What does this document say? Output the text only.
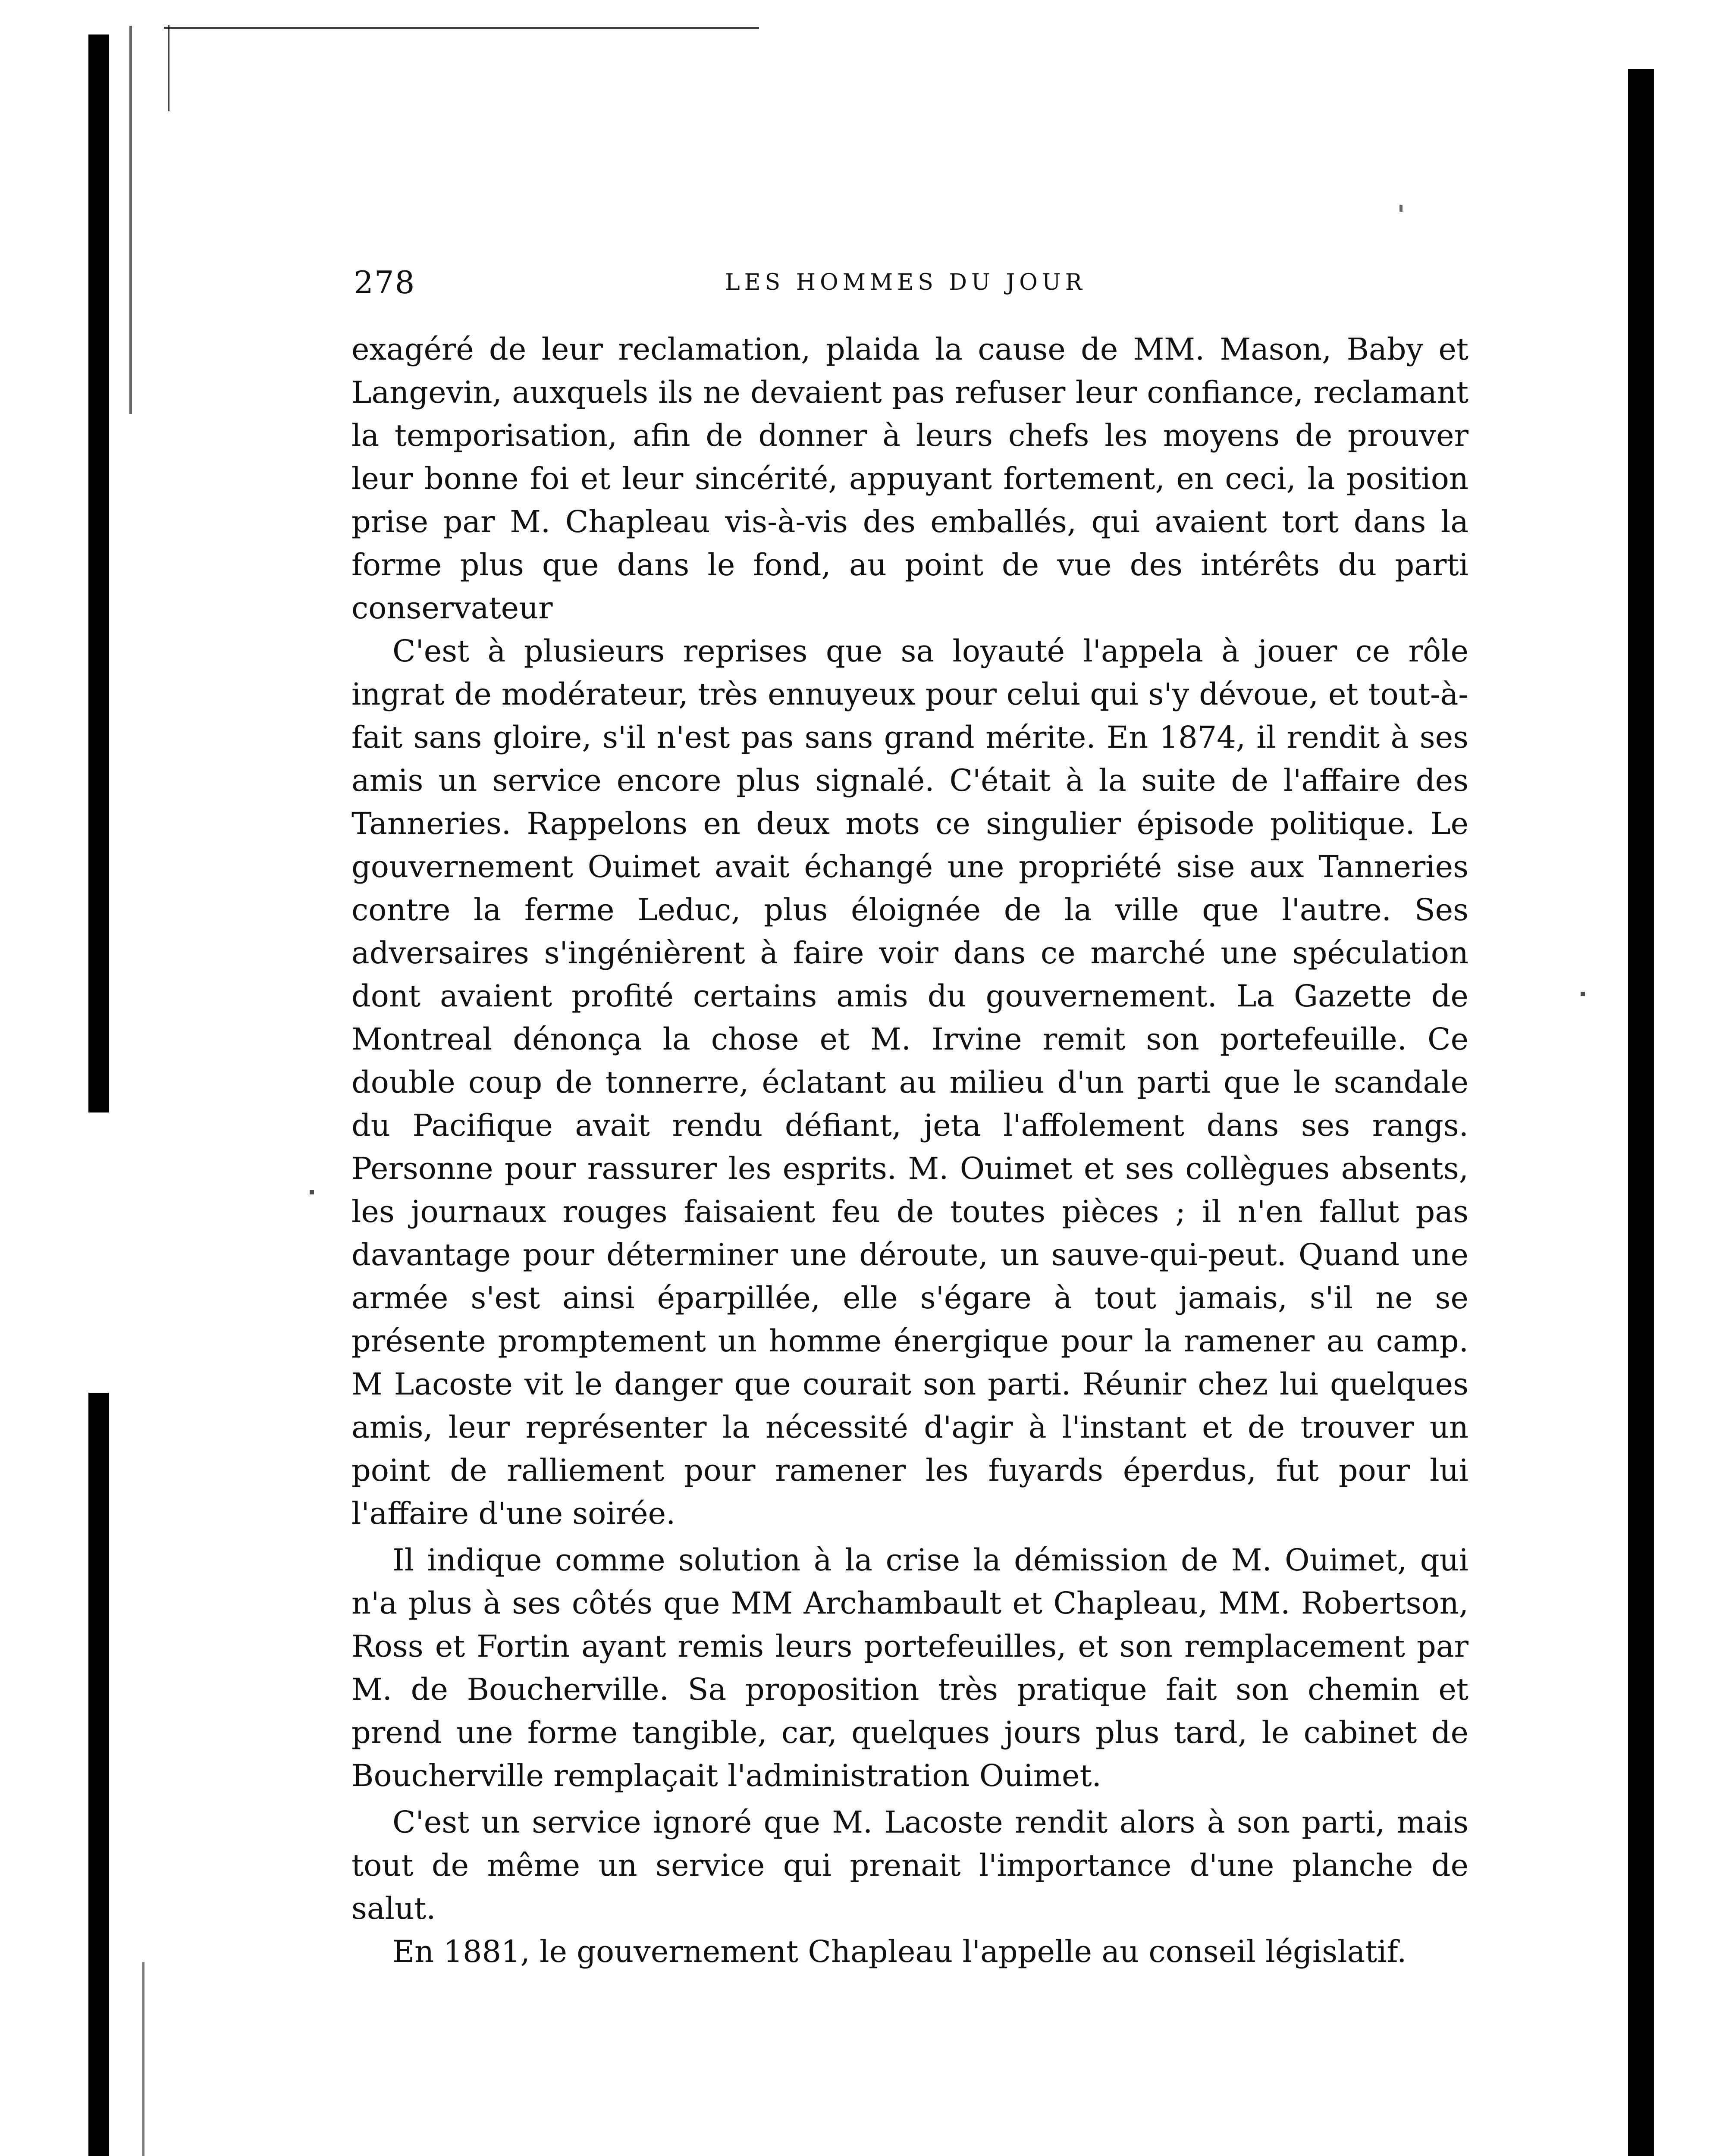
278	LES HOMMES DU JOUR

exagéré de leur reclamation, plaida la cause de MM. Mason, Baby et Langevin, auxquels ils ne devaient pas refuser leur confiance, reclamant la temporisation, afin de donner à leurs chefs les moyens de prouver leur bonne foi et leur sincérité, appuyant fortement, en ceci, la position prise par M. Chapleau vis-à-vis des emballés, qui avaient tort dans la forme plus que dans le fond, au point de vue des intérêts du parti conservateur

C'est à plusieurs reprises que sa loyauté l'appela à jouer ce rôle ingrat de modérateur, très ennuyeux pour celui qui s'y dévoue, et tout-à-fait sans gloire, s'il n'est pas sans grand mérite. En 1874, il rendit à ses amis un service encore plus signalé. C'était à la suite de l'affaire des Tanneries. Rappelons en deux mots ce singulier épisode politique. Le gouvernement Ouimet avait échangé une propriété sise aux Tanneries contre la ferme Leduc, plus éloignée de la ville que l'autre. Ses adversaires s'ingénièrent à faire voir dans ce marché une spéculation dont avaient profité certains amis du gouvernement. La Gazette de Montreal dénonça la chose et M. Irvine remit son portefeuille. Ce double coup de tonnerre, éclatant au milieu d'un parti que le scandale du Pacifique avait rendu défiant, jeta l'affolement dans ses rangs. Personne pour rassurer les esprits. M. Ouimet et ses collègues absents, les journaux rouges faisaient feu de toutes pièces ; il n'en fallut pas davantage pour déterminer une déroute, un sauve-qui-peut. Quand une armée s'est ainsi éparpillée, elle s'égare à tout jamais, s'il ne se présente promptement un homme énergique pour la ramener au camp. M Lacoste vit le danger que courait son parti. Réunir chez lui quelques amis, leur représenter la nécessité d'agir à l'instant et de trouver un point de ralliement pour ramener les fuyards éperdus, fut pour lui l'affaire d'une soirée.

Il indique comme solution à la crise la démission de M. Ouimet, qui n'a plus à ses côtés que MM Archambault et Chapleau, MM. Robertson, Ross et Fortin ayant remis leurs portefeuilles, et son remplacement par M. de Boucherville. Sa proposition très pratique fait son chemin et prend une forme tangible, car, quelques jours plus tard, le cabinet de Boucherville remplaçait l'administration Ouimet.

C'est un service ignoré que M. Lacoste rendit alors à son parti, mais tout de même un service qui prenait l'importance d'une planche de salut.

En 1881, le gouvernement Chapleau l'appelle au conseil législatif.
